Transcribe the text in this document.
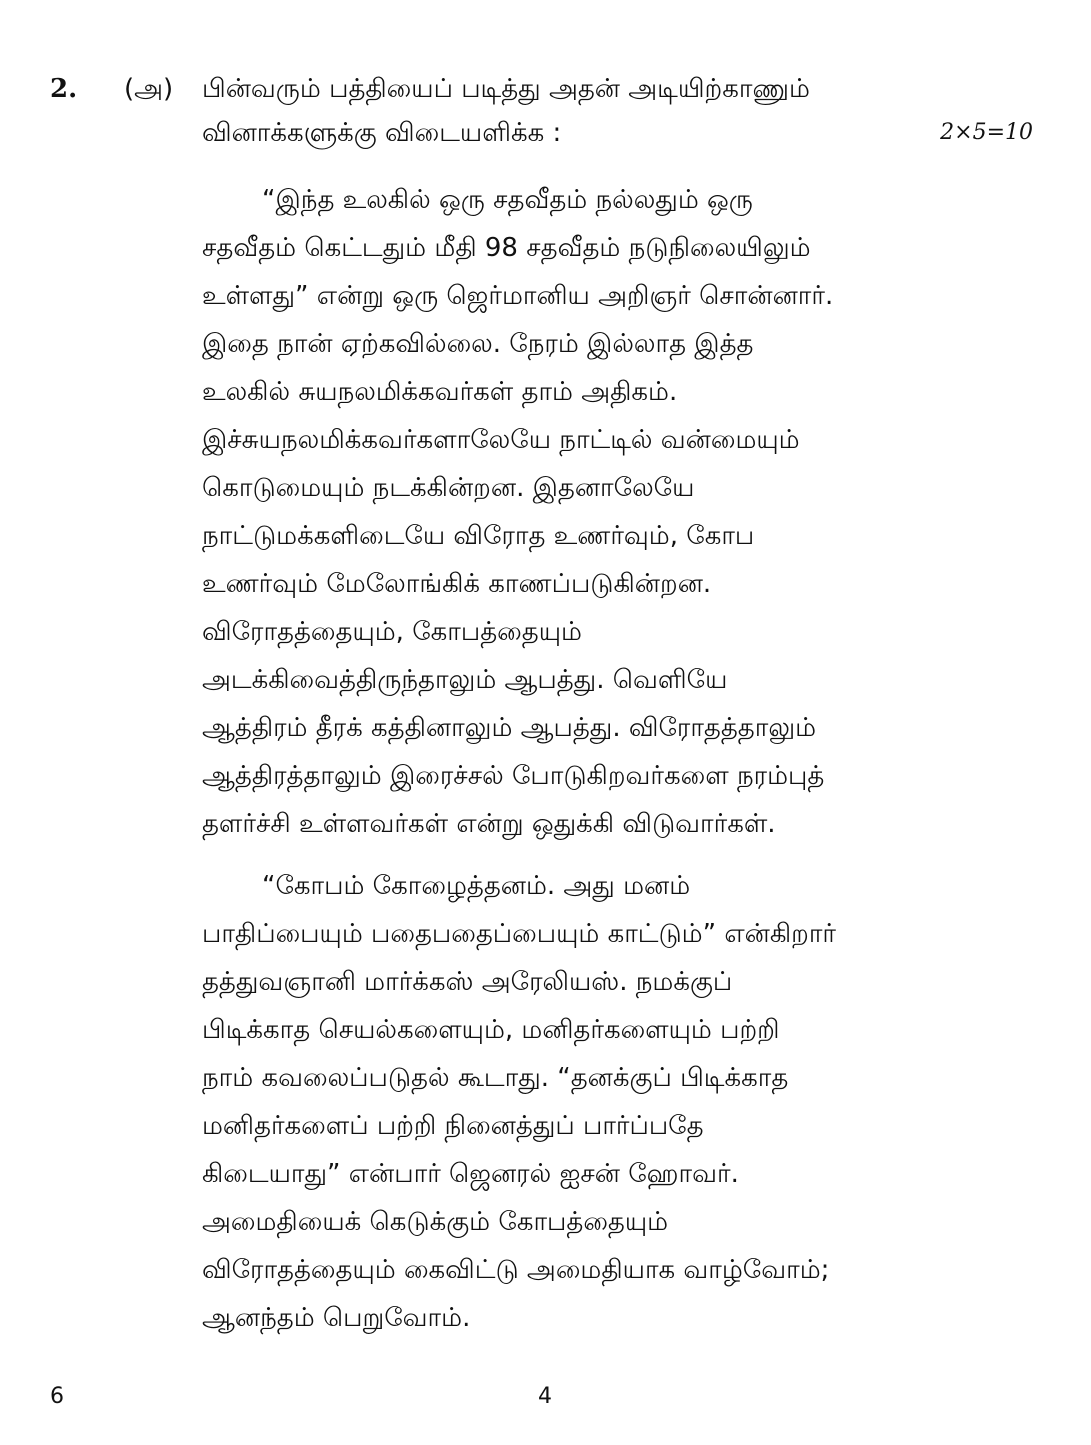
2. (அ) பின்வரும் பத்தியைப் படித்து அதன் அடியிற்காணும்
வினாக்களுக்கு விடையளிக்க :	2×5=10
“இந்த உலகில் ஒரு சதவீதம் நல்லதும் ஒரு
சதவீதம் கெட்டதும் மீதி 98 சதவீதம் நடுநிலையிலும்
உள்ளது” என்று ஒரு ஜெர்மானிய அறிஞர் சொன்னார்.
இதை நான் ஏற்கவில்லை. நேரம் இல்லாத இத்த
உலகில் சுயநலமிக்கவர்கள் தாம் அதிகம்.
இச்சுயநலமிக்கவர்களாலேயே நாட்டில் வன்மையும்
கொடுமையும் நடக்கின்றன. இதனாலேயே
நாட்டுமக்களிடையே விரோத உணர்வும், கோப
உணர்வும் மேலோங்கிக் காணப்படுகின்றன.
விரோதத்தையும், கோபத்தையும்
அடக்கிவைத்திருந்தாலும் ஆபத்து. வெளியே
ஆத்திரம் தீரக் கத்தினாலும் ஆபத்து. விரோதத்தாலும்
ஆத்திரத்தாலும் இரைச்சல் போடுகிறவர்களை நரம்புத்
தளர்ச்சி உள்ளவர்கள் என்று ஒதுக்கி விடுவார்கள்.
“கோபம் கோழைத்தனம். அது மனம்
பாதிப்பையும் பதைபதைப்பையும் காட்டும்” என்கிறார்
தத்துவஞானி மார்க்கஸ் அரேலியஸ். நமக்குப்
பிடிக்காத செயல்களையும், மனிதர்களையும் பற்றி
நாம் கவலைப்படுதல் கூடாது. “தனக்குப் பிடிக்காத
மனிதர்களைப் பற்றி நினைத்துப் பார்ப்பதே
கிடையாது” என்பார் ஜெனரல் ஐசன் ஹோவர்.
அமைதியைக் கெடுக்கும் கோபத்தையும்
விரோதத்தையும் கைவிட்டு அமைதியாக வாழ்வோம்;
ஆனந்தம் பெறுவோம்.
6	4
